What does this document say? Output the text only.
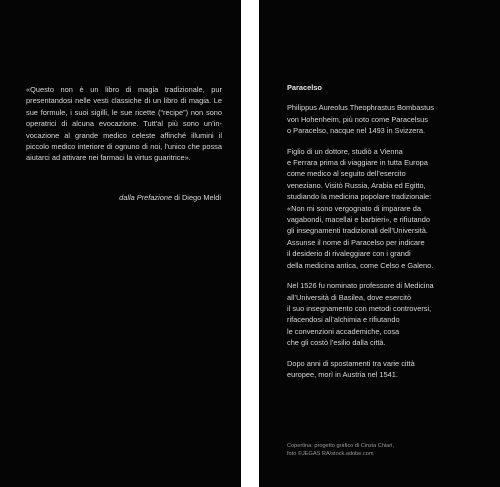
«Questo non è un libro di magia tradizionale, pur presentandosi nelle vesti classiche di un libro di magia. Le sue formule, i suoi sigilli, le sue ricette (“recipe”) non sono operatrici di alcuna evocazione. Tutt’al più sono un’in-vocazione al grande medico celeste affinché illumini il piccolo medico interiore di ognuno di noi, l’unico che possa aiutarci ad attivare nei farmaci la virtus guaritrice».

dalla Prefazione di Diego Meldi
Paracelso

Philippus Aureolus Theophrastus Bombastus
von Hohenheim, più noto come Paracelsus
o Paracelso, nacque nel 1493 in Svizzera.

Figlio di un dottore, studiò a Vienna
e Ferrara prima di viaggiare in tutta Europa
come medico al seguito dell’esercito
veneziano. Visitò Russia, Arabia ed Egitto,
studiando la medicina popolare tradizionale:
«Non mi sono vergognato di imparare da
vagabondi, macellai e barbieri», e rifiutando
gli insegnamenti tradizionali dell’Università.
Assunse il nome di Paracelso per indicare
il desiderio di rivaleggiare con i grandi
della medicina antica, come Celso e Galeno.

Nel 1526 fu nominato professore di Medicina
all’Università di Basilea, dove esercitò
il suo insegnamento con metodi controversi,
rifacendosi all’alchimia e rifiutando
le convenzioni accademiche, cosa
che gli costò l’esilio dalla città.

Dopo anni di spostamenti tra varie città
europee, morì in Austria nel 1541.

Copertina: progetto grafico di Cinzia Chiari,
foto ©JEGAS RA/stock.adobe.com
